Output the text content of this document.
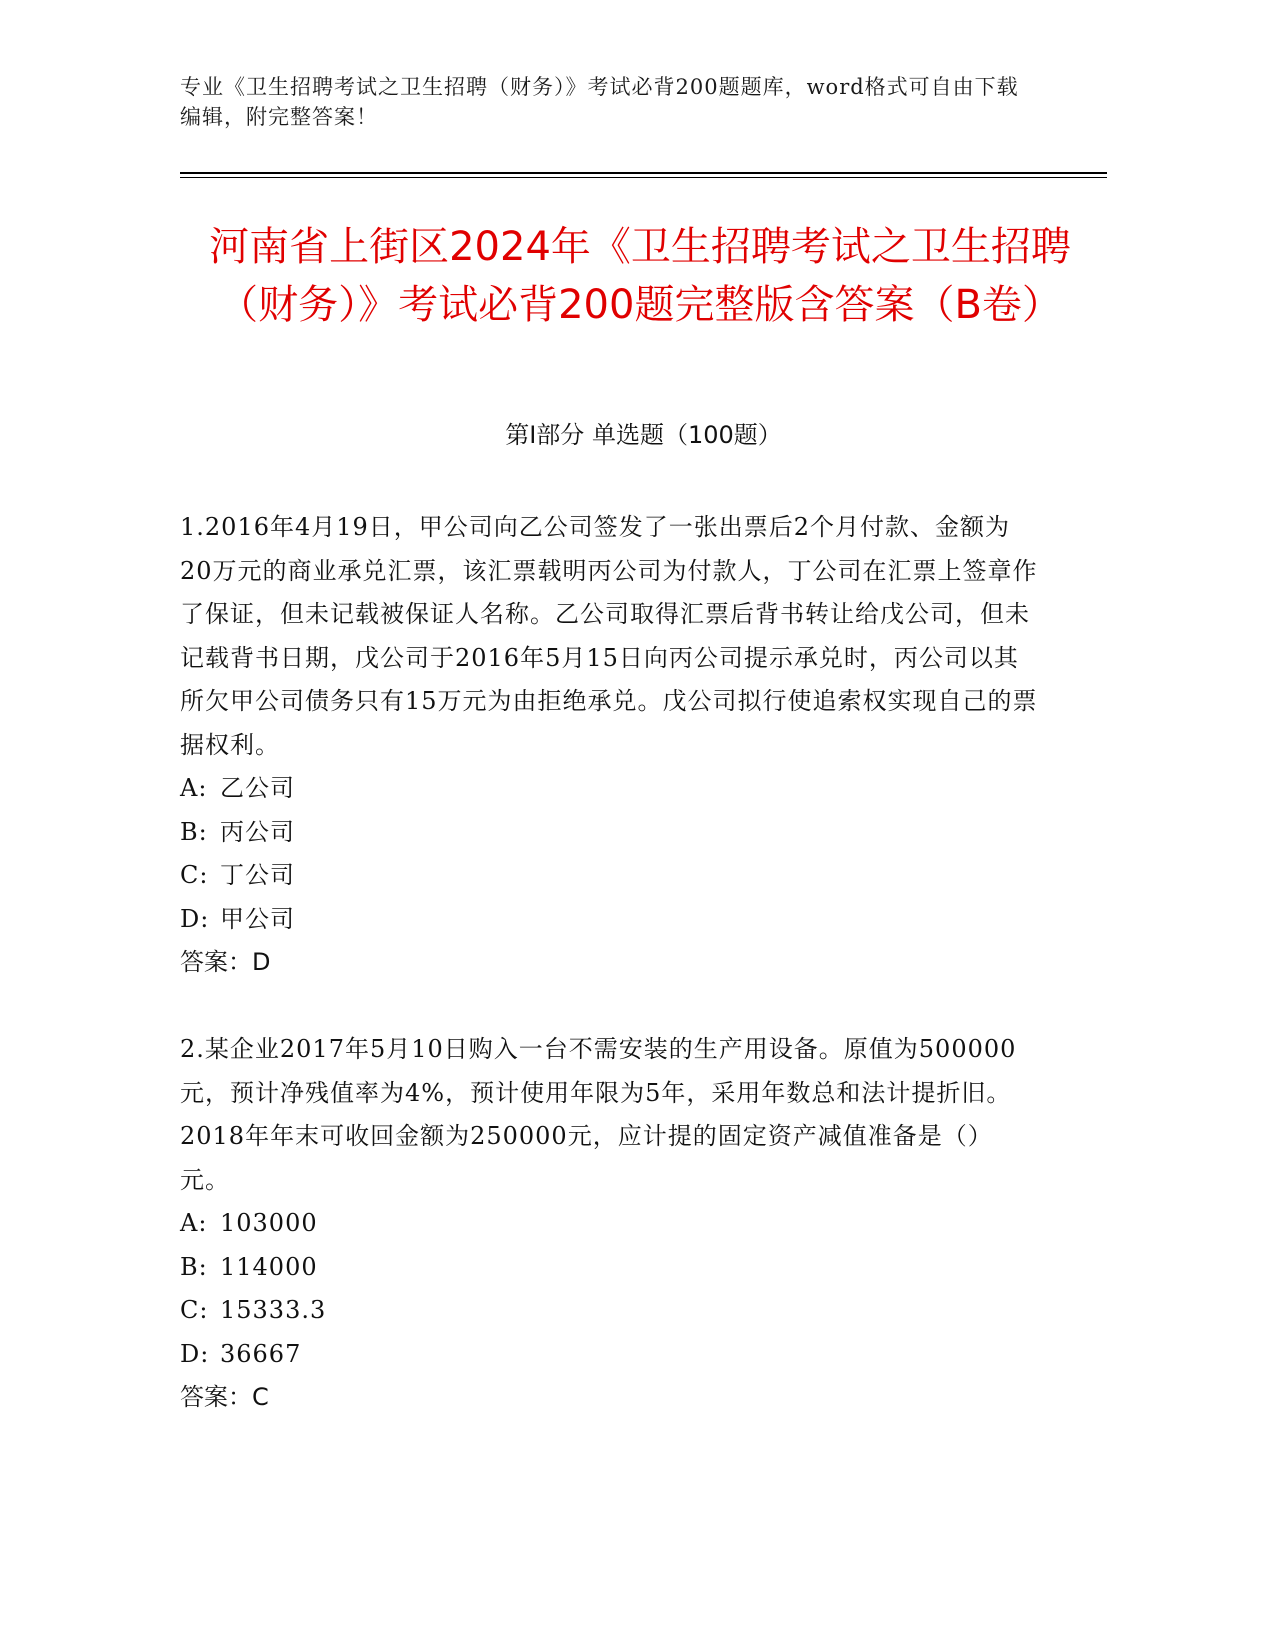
专业《卫生招聘考试之卫生招聘（财务）》考试必背200题题库，word格式可自由下载编辑，附完整答案！
河南省上街区2024年《卫生招聘考试之卫生招聘（财务）》考试必背200题完整版含答案（B卷）
第Ⅰ部分 单选题（100题）

1.2016年4月19日，甲公司向乙公司签发了一张出票后2个月付款、金额为20万元的商业承兑汇票，该汇票载明丙公司为付款人，丁公司在汇票上签章作了保证，但未记载被保证人名称。乙公司取得汇票后背书转让给戊公司，但未记载背书日期，戊公司于2016年5月15日向丙公司提示承兑时，丙公司以其所欠甲公司债务只有15万元为由拒绝承兑。戊公司拟行使追索权实现自己的票据权利。

A: 乙公司

B: 丙公司

C: 丁公司

D: 甲公司

答案：D

2.某企业2017年5月10日购入一台不需安装的生产用设备。原值为500000元，预计净残值率为4%，预计使用年限为5年，采用年数总和法计提折旧。2018年年末可收回金额为250000元，应计提的固定资产减值准备是（）元。

A: 103000

B: 114000

C: 15333.3

D: 36667

答案：C
